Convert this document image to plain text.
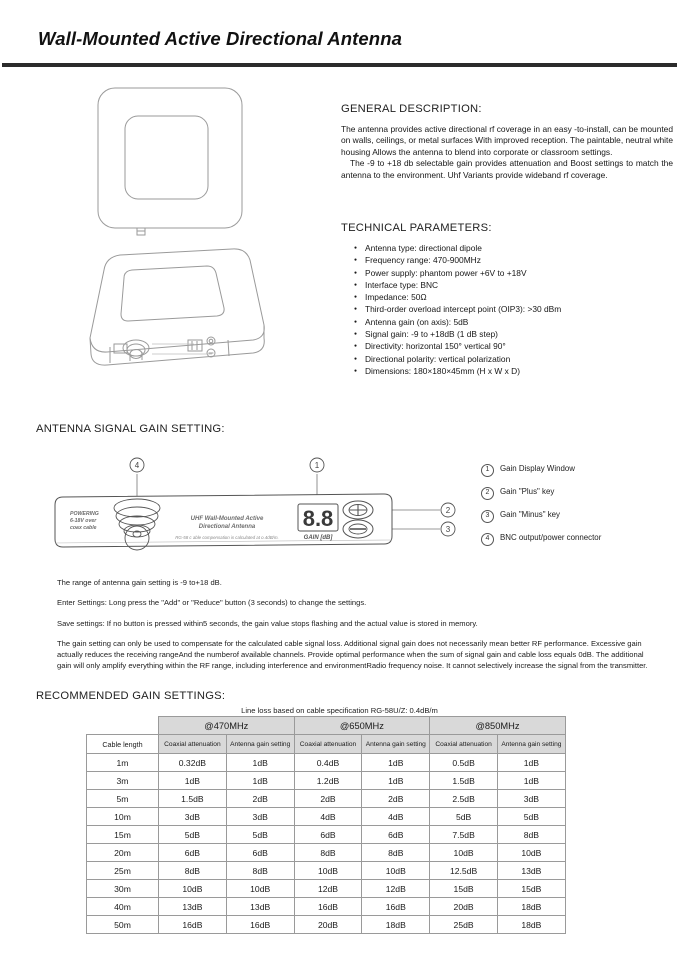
Wall-Mounted Active Directional Antenna
GENERAL DESCRIPTION:

The antenna provides active directional rf coverage in an easy -to-install, can be mounted on walls, ceilings, or metal surfaces With improved reception. The paintable, neutral white housing Allows the antenna to blend into corporate or classroom settings.

The -9 to +18 db selectable gain provides attenuation and Boost settings to match the antenna to the environment. Uhf Variants provide wideband rf coverage.

TECHNICAL PARAMETERS:
● Antenna type: directional dipole
● Frequency range: 470-900MHz
● Power supply: phantom power +6V to +18V
● Interface type: BNC
● Impedance: 50Ω
● Third-order overload intercept point (OIP3): >30 dBm
● Antenna gain (on axis): 5dB
● Signal gain: -9 to +18dB (1 dB step)
● Directivity: horizontal 150° vertical 90°
● Directional polarity: vertical polarization
● Dimensions: 180×180×45mm (H x W x D)
ANTENNA SIGNAL GAIN SETTING:
4	1
2
3
POWERING
6-18V over
coax cable
UHF Wall-Mounted Active
Directional Antenna
RG-58 c able compensation is calculated at o.4dB/m.
8.8
GAIN [dB]
1	Gain Display Window
2	Gain "Plus" key
3	Gain "Minus" key
4	BNC output/power connector

The range of antenna gain setting is -9 to+18 dB.

Enter Settings: Long press the "Add" or "Reduce" button (3 seconds) to change the settings.

Save settings: If no button is pressed within5 seconds, the gain value stops flashing and the actual value is stored in memory.

The gain setting can only be used to compensate for the calculated cable signal loss. Additional signal gain does not necessarily mean better RF performance. Excessive gain actually reduces the receiving rangeAnd the numberof available channels. Provide optimal performance when the sum of signal gain and cable loss equals 0dB. The additional gain will only amplify everything within the RF range, including interference and environmentRadio frequency noise. It cannot selectively increase the signal from the transmitter.

RECOMMENDED GAIN SETTINGS:
Line loss based on cable specification RG-58U/Z: 0.4dB/m
	@470MHz		@650MHz		@850MHz	
Cable length	Coaxial attenuation	Antenna gain setting	Coaxial attenuation	Antenna gain setting	Coaxial attenuation	Antenna gain setting
1m	0.32dB	1dB	0.4dB	1dB	0.5dB	1dB
3m	1dB	1dB	1.2dB	1dB	1.5dB	1dB
5m	1.5dB	2dB	2dB	2dB	2.5dB	3dB
10m	3dB	3dB	4dB	4dB	5dB	5dB
15m	5dB	5dB	6dB	6dB	7.5dB	8dB
20m	6dB	6dB	8dB	8dB	10dB	10dB
25m	8dB	8dB	10dB	10dB	12.5dB	13dB
30m	10dB	10dB	12dB	12dB	15dB	15dB
40m	13dB	13dB	16dB	16dB	20dB	18dB
50m	16dB	16dB	20dB	18dB	25dB	18dB
